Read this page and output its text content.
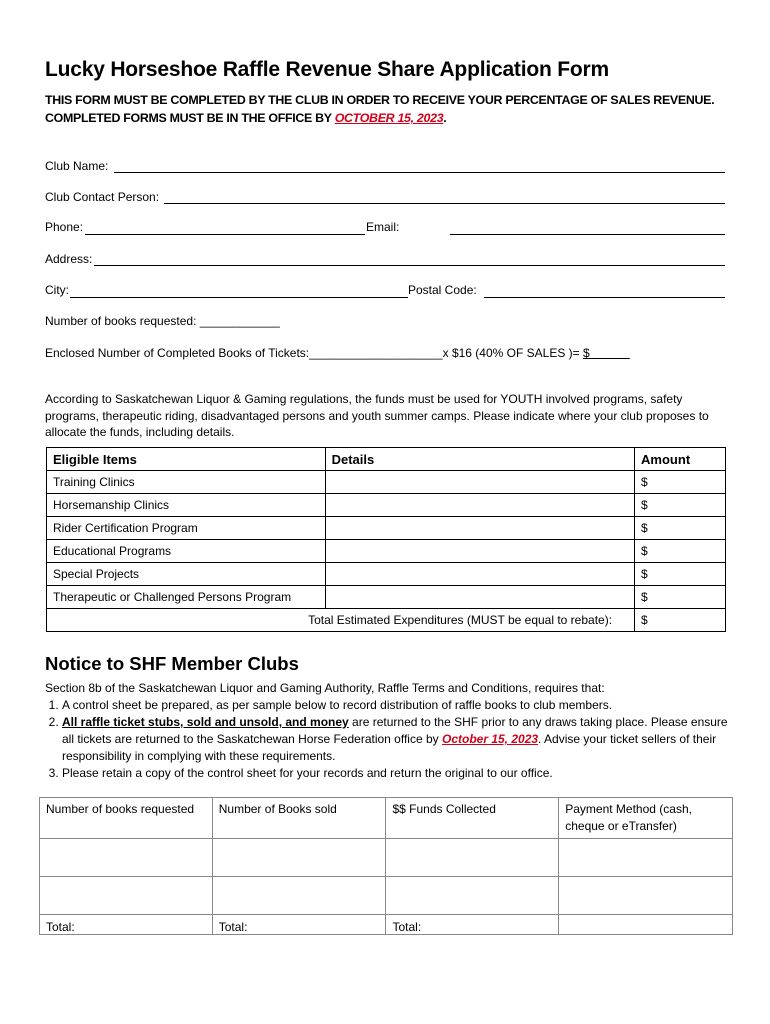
Lucky Horseshoe Raffle Revenue Share Application Form
THIS FORM MUST BE COMPLETED BY THE CLUB IN ORDER TO RECEIVE YOUR PERCENTAGE OF SALES REVENUE. COMPLETED FORMS MUST BE IN THE OFFICE BY OCTOBER 15, 2023.
Club Name:
Club Contact Person:
Phone:	Email:
Address:
City:	Postal Code:
Number of books requested: ____________
Enclosed Number of Completed Books of Tickets:____________________x $16 (40% OF SALES )= $
According to Saskatchewan Liquor & Gaming regulations, the funds must be used for YOUTH involved programs, safety programs, therapeutic riding, disadvantaged persons and youth summer camps. Please indicate where your club proposes to allocate the funds, including details.
Eligible Items	Details	Amount
Training Clinics		$
Horsemanship Clinics		$
Rider Certification Program		$
Educational Programs		$
Special Projects		$
Therapeutic or Challenged Persons Program		$
Total Estimated Expenditures (MUST be equal to rebate):		$
Notice to SHF Member Clubs
Section 8b of the Saskatchewan Liquor and Gaming Authority, Raffle Terms and Conditions, requires that:
1. A control sheet be prepared, as per sample below to record distribution of raffle books to club members.
2. All raffle ticket stubs, sold and unsold, and money are returned to the SHF prior to any draws taking place. Please ensure all tickets are returned to the Saskatchewan Horse Federation office by October 15, 2023. Advise your ticket sellers of their responsibility in complying with these requirements.
3. Please retain a copy of the control sheet for your records and return the original to our office.
Number of books requested	Number of Books sold	$$ Funds Collected	Payment Method (cash, cheque or eTransfer)

Total:	Total:	Total:	
